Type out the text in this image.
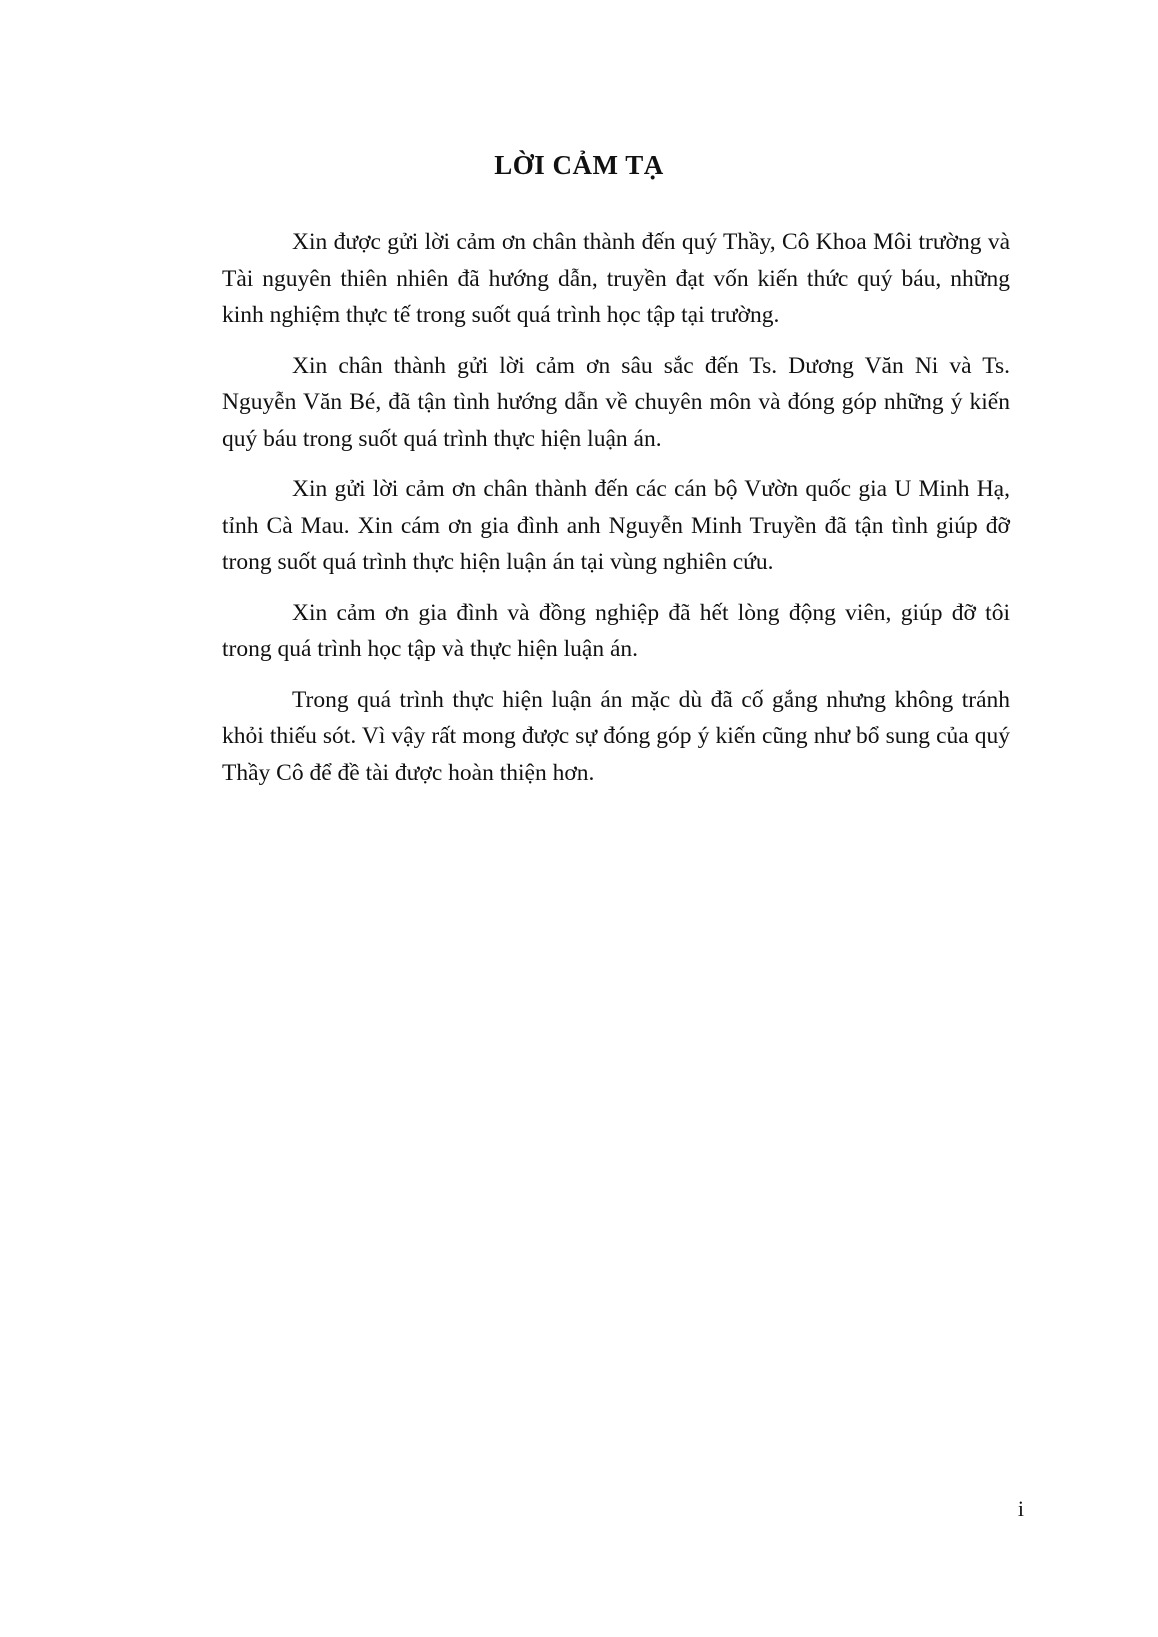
LỜI CẢM TẠ

Xin được gửi lời cảm ơn chân thành đến quý Thầy, Cô Khoa Môi trường và Tài nguyên thiên nhiên đã hướng dẫn, truyền đạt vốn kiến thức quý báu, những kinh nghiệm thực tế trong suốt quá trình học tập tại trường.

Xin chân thành gửi lời cảm ơn sâu sắc đến Ts. Dương Văn Ni và Ts. Nguyễn Văn Bé, đã tận tình hướng dẫn về chuyên môn và đóng góp những ý kiến quý báu trong suốt quá trình thực hiện luận án.

Xin gửi lời cảm ơn chân thành đến các cán bộ Vườn quốc gia U Minh Hạ, tỉnh Cà Mau. Xin cám ơn gia đình anh Nguyễn Minh Truyền đã tận tình giúp đỡ trong suốt quá trình thực hiện luận án tại vùng nghiên cứu.

Xin cảm ơn gia đình và đồng nghiệp đã hết lòng động viên, giúp đỡ tôi trong quá trình học tập và thực hiện luận án.

Trong quá trình thực hiện luận án mặc dù đã cố gắng nhưng không tránh khỏi thiếu sót. Vì vậy rất mong được sự đóng góp ý kiến cũng như bổ sung của quý Thầy Cô để đề tài được hoàn thiện hơn.

i
